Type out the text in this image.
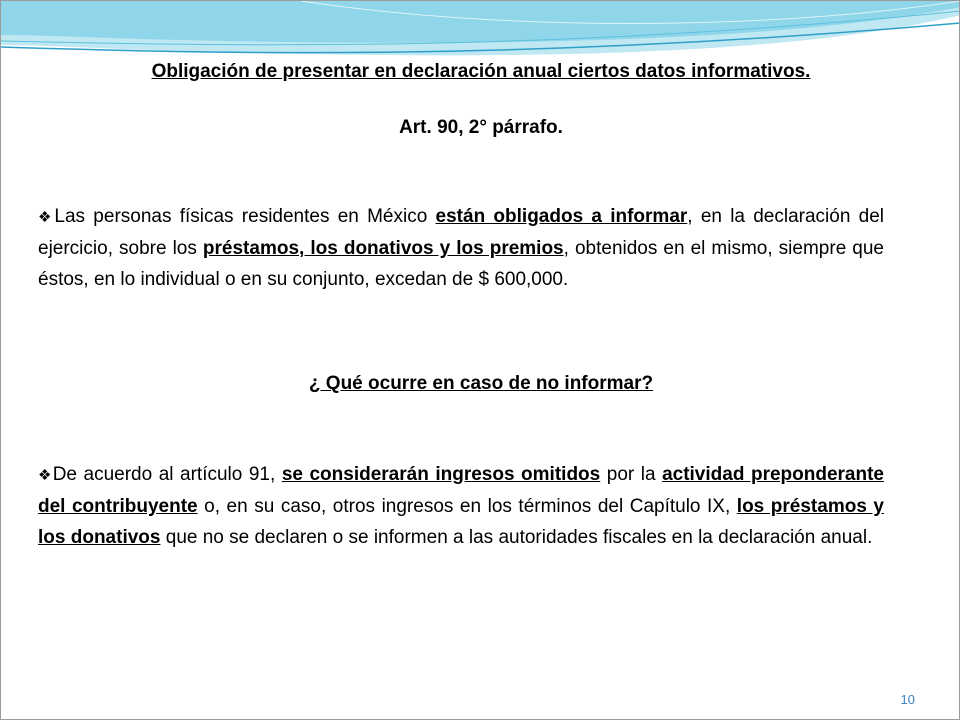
Obligación de presentar en declaración anual ciertos datos informativos.
Art. 90, 2° párrafo.
❖Las personas físicas residentes en México están obligados a informar, en la declaración del ejercicio, sobre los préstamos, los donativos y los premios, obtenidos en el mismo, siempre que éstos, en lo individual o en su conjunto, excedan de $ 600,000.
¿ Qué ocurre en caso de no informar?
❖De acuerdo al artículo 91, se considerarán ingresos omitidos por la actividad preponderante del contribuyente o, en su caso, otros ingresos en los términos del Capítulo IX, los préstamos y los donativos que no se declaren o se informen a las autoridades fiscales en la declaración anual.
10
